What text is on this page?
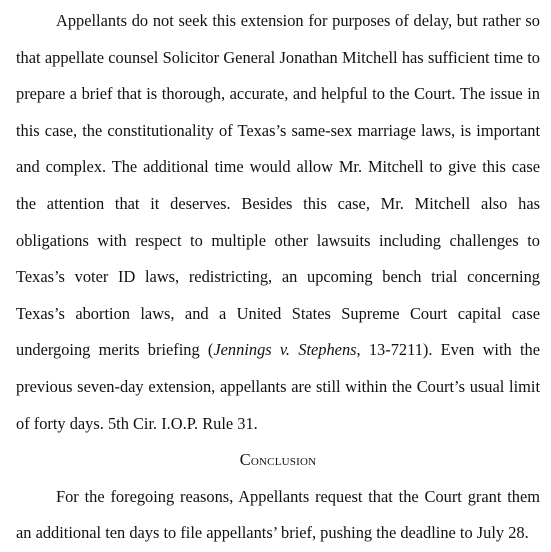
Appellants do not seek this extension for purposes of delay, but rather so that appellate counsel Solicitor General Jonathan Mitchell has sufficient time to prepare a brief that is thorough, accurate, and helpful to the Court. The issue in this case, the constitutionality of Texas’s same-sex marriage laws, is important and complex. The additional time would allow Mr. Mitchell to give this case the attention that it deserves. Besides this case, Mr. Mitchell also has obligations with respect to multiple other lawsuits including challenges to Texas’s voter ID laws, redistricting, an upcoming bench trial concerning Texas’s abortion laws, and a United States Supreme Court capital case undergoing merits briefing (Jennings v. Stephens, 13-7211). Even with the previous seven-day extension, appellants are still within the Court’s usual limit of forty days. 5th Cir. I.O.P. Rule 31.

Conclusion

For the foregoing reasons, Appellants request that the Court grant them an additional ten days to file appellants’ brief, pushing the deadline to July 28.
